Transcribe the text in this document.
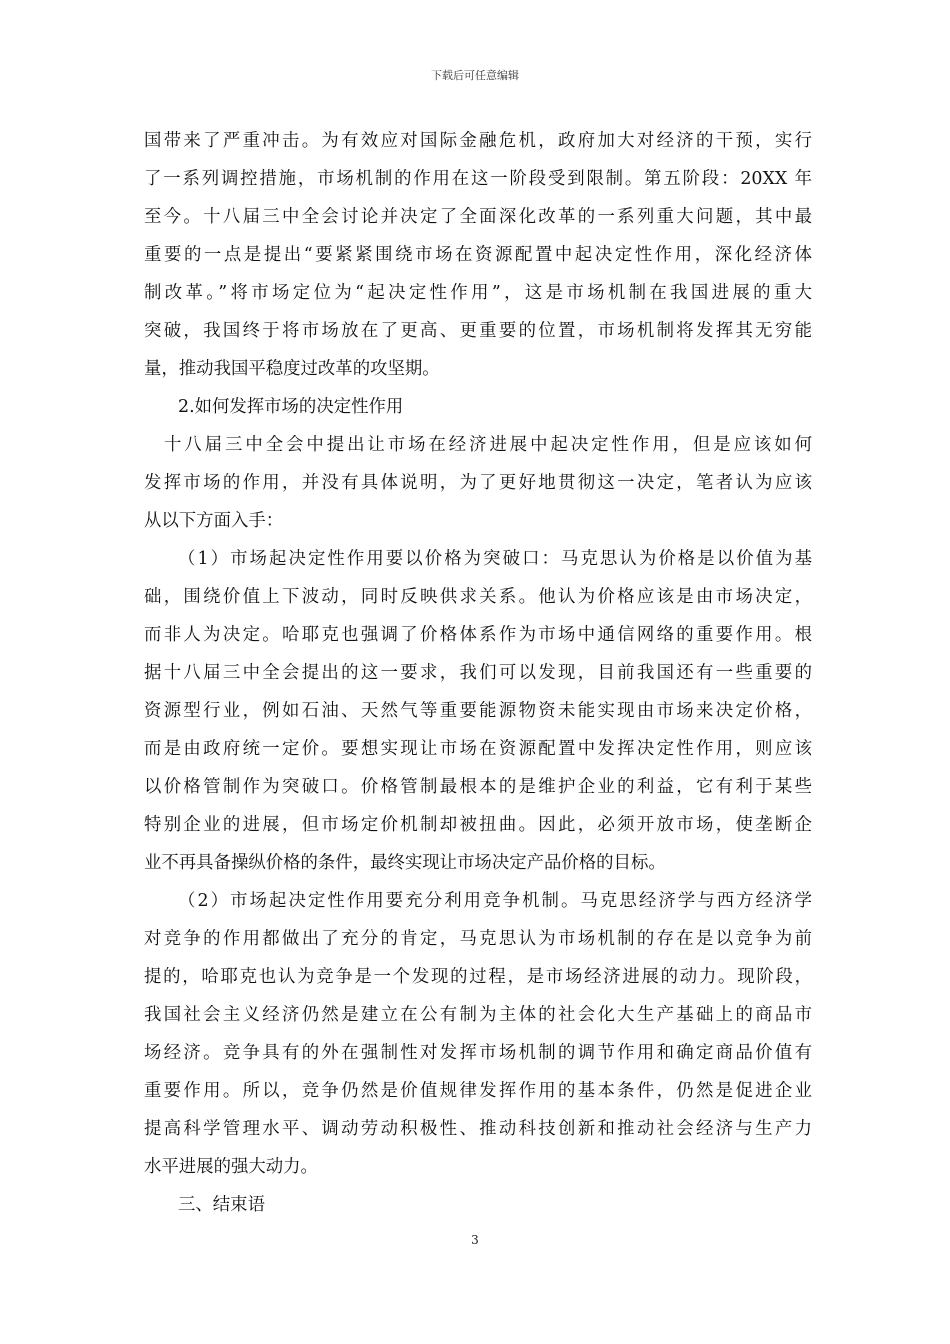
下载后可任意编辑
国带来了严重冲击。为有效应对国际金融危机，政府加大对经济的干预，实行
了一系列调控措施，市场机制的作用在这一阶段受到限制。第五阶段：20XX 年
至今。十八届三中全会讨论并决定了全面深化改革的一系列重大问题，其中最
重要的一点是提出“要紧紧围绕市场在资源配置中起决定性作用，深化经济体
制改革。”将市场定位为“起决定性作用”，这是市场机制在我国进展的重大
突破，我国终于将市场放在了更高、更重要的位置，市场机制将发挥其无穷能
量，推动我国平稳度过改革的攻坚期。
2.如何发挥市场的决定性作用
十八届三中全会中提出让市场在经济进展中起决定性作用，但是应该如何
发挥市场的作用，并没有具体说明，为了更好地贯彻这一决定，笔者认为应该
从以下方面入手：
（1）市场起决定性作用要以价格为突破口：马克思认为价格是以价值为基
础，围绕价值上下波动，同时反映供求关系。他认为价格应该是由市场决定，
而非人为决定。哈耶克也强调了价格体系作为市场中通信网络的重要作用。根
据十八届三中全会提出的这一要求，我们可以发现，目前我国还有一些重要的
资源型行业，例如石油、天然气等重要能源物资未能实现由市场来决定价格，
而是由政府统一定价。要想实现让市场在资源配置中发挥决定性作用，则应该
以价格管制作为突破口。价格管制最根本的是维护企业的利益，它有利于某些
特别企业的进展，但市场定价机制却被扭曲。因此，必须开放市场，使垄断企
业不再具备操纵价格的条件，最终实现让市场决定产品价格的目标。
（2）市场起决定性作用要充分利用竞争机制。马克思经济学与西方经济学
对竞争的作用都做出了充分的肯定，马克思认为市场机制的存在是以竞争为前
提的，哈耶克也认为竞争是一个发现的过程，是市场经济进展的动力。现阶段，
我国社会主义经济仍然是建立在公有制为主体的社会化大生产基础上的商品市
场经济。竞争具有的外在强制性对发挥市场机制的调节作用和确定商品价值有
重要作用。所以，竞争仍然是价值规律发挥作用的基本条件，仍然是促进企业
提高科学管理水平、调动劳动积极性、推动科技创新和推动社会经济与生产力
水平进展的强大动力。
三、结束语
3
